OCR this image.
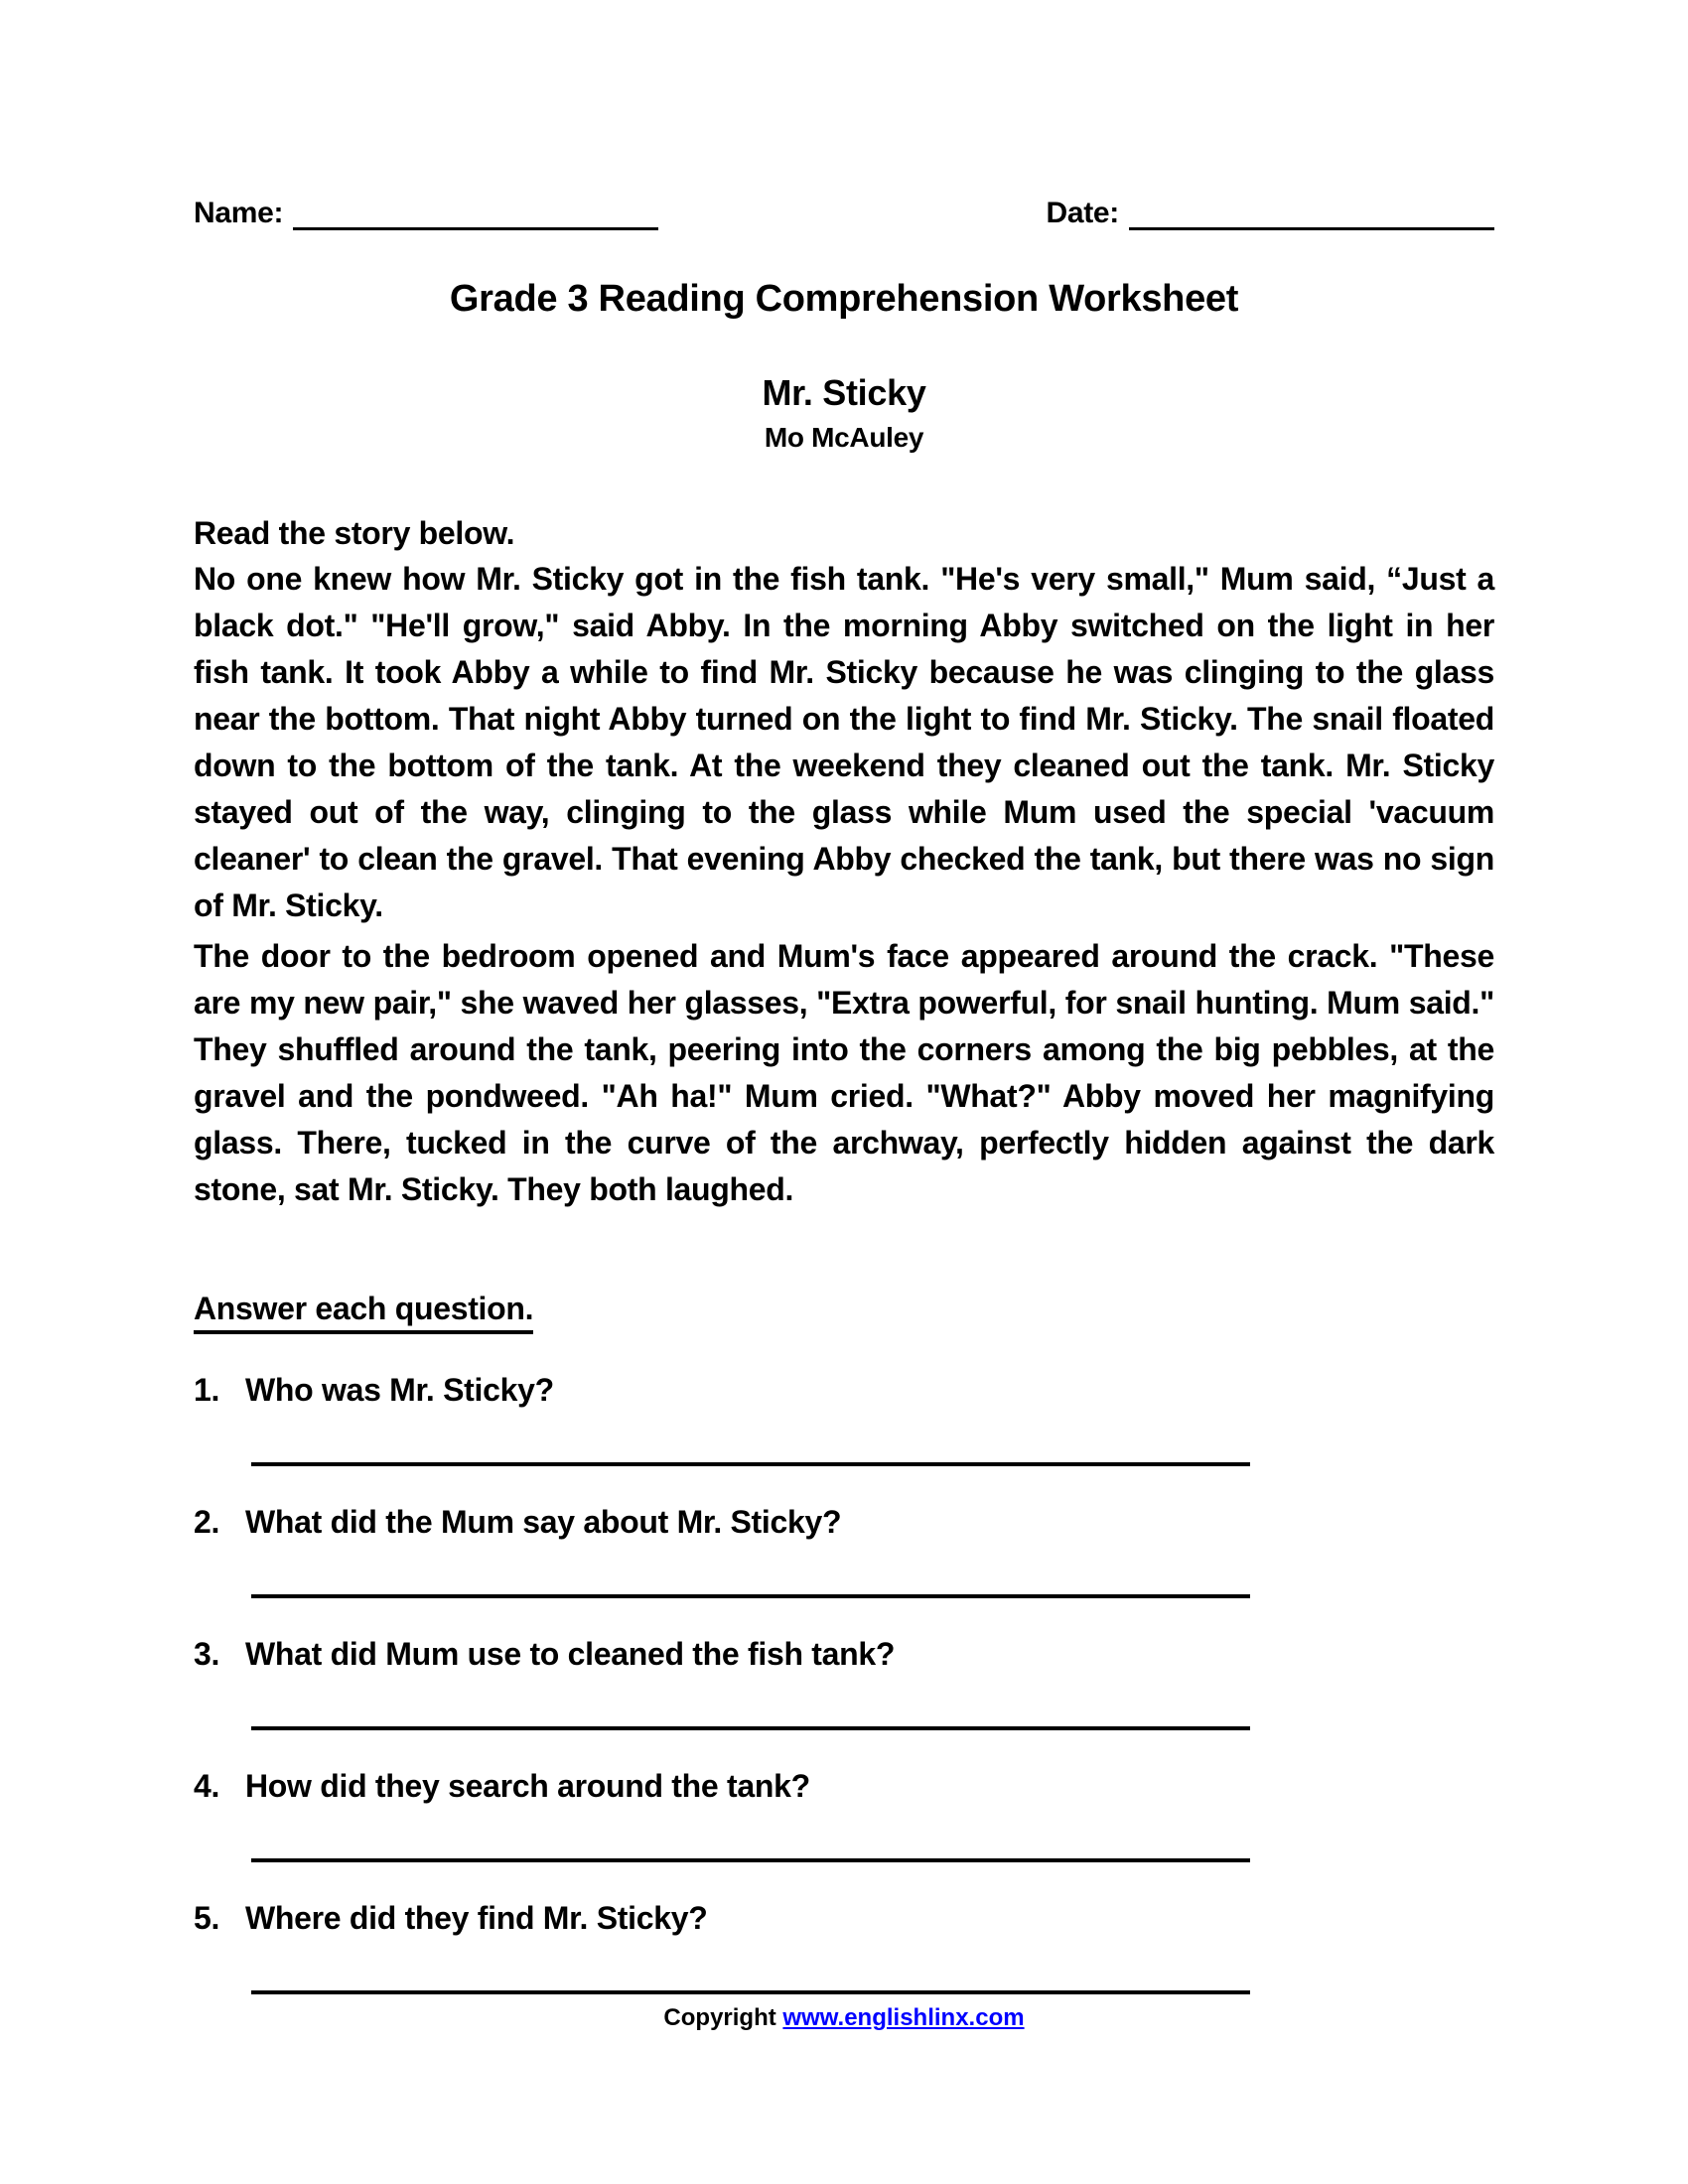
Name:	Date:
Grade 3 Reading Comprehension Worksheet
Mr. Sticky
Mo McAuley
Read the story below.

No one knew how Mr. Sticky got in the fish tank. "He's very small," Mum said, “Just a black dot." "He'll grow," said Abby. In the morning Abby switched on the light in her fish tank. It took Abby a while to find Mr. Sticky because he was clinging to the glass near the bottom. That night Abby turned on the light to find Mr. Sticky. The snail floated down to the bottom of the tank. At the weekend they cleaned out the tank. Mr. Sticky stayed out of the way, clinging to the glass while Mum used the special 'vacuum cleaner' to clean the gravel. That evening Abby checked the tank, but there was no sign of Mr. Sticky.

The door to the bedroom opened and Mum's face appeared around the crack. "These are my new pair," she waved her glasses, "Extra powerful, for snail hunting. Mum said." They shuffled around the tank, peering into the corners among the big pebbles, at the gravel and the pondweed. "Ah ha!" Mum cried. "What?" Abby moved her magnifying glass. There, tucked in the curve of the archway, perfectly hidden against the dark stone, sat Mr. Sticky. They both laughed.

Answer each question.
1. Who was Mr. Sticky?
2. What did the Mum say about Mr. Sticky?
3. What did Mum use to cleaned the fish tank?
4. How did they search around the tank?
5. Where did they find Mr. Sticky?
Copyright www.englishlinx.com
